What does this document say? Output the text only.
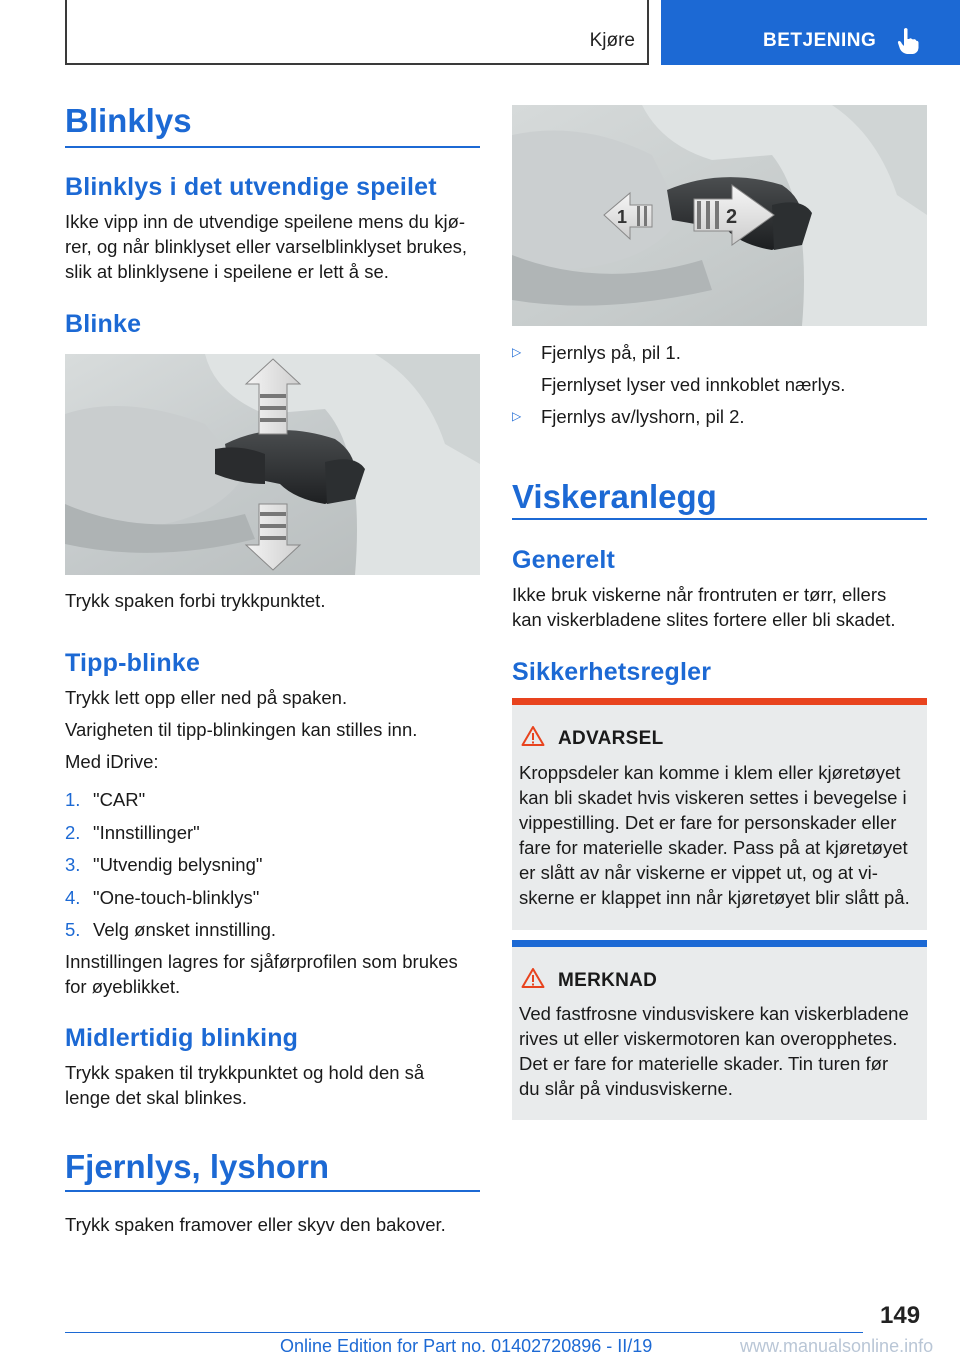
Kjøre	BETJENING
Blinklys
Blinklys i det utvendige speilet
Ikke vipp inn de utvendige speilene mens du kjø-
rer, og når blinklyset eller varselblinklyset brukes,
slik at blinklysene i speilene er lett å se.
Blinke
Trykk spaken forbi trykkpunktet.
Tipp-blinke
Trykk lett opp eller ned på spaken.
Varigheten til tipp-blinkingen kan stilles inn.
Med iDrive:
1. "CAR"
2. "Innstillinger"
3. "Utvendig belysning"
4. "One-touch-blinklys"
5. Velg ønsket innstilling.
Innstillingen lagres for sjåførprofilen som brukes
for øyeblikket.
Midlertidig blinking
Trykk spaken til trykkpunktet og hold den så
lenge det skal blinkes.
Fjernlys, lyshorn
Trykk spaken framover eller skyv den bakover.
1	2
▷ Fjernlys på, pil 1.
Fjernlyset lyser ved innkoblet nærlys.
▷ Fjernlys av/lyshorn, pil 2.
Viskeranlegg
Generelt
Ikke bruk viskerne når frontruten er tørr, ellers
kan viskerbladene slites fortere eller bli skadet.
Sikkerhetsregler
ADVARSEL
Kroppsdeler kan komme i klem eller kjøretøyet
kan bli skadet hvis viskeren settes i bevegelse i
vippestilling. Det er fare for personskader eller
fare for materielle skader. Pass på at kjøretøyet
er slått av når viskerne er vippet ut, og at vi-
skerne er klappet inn når kjøretøyet blir slått på.
MERKNAD
Ved fastfrosne vindusviskere kan viskerbladene
rives ut eller viskermotoren kan overopphetes.
Det er fare for materielle skader. Tin turen før
du slår på vindusviskerne.
149
Online Edition for Part no. 01402720896 - II/19	www.manualsonline.info
